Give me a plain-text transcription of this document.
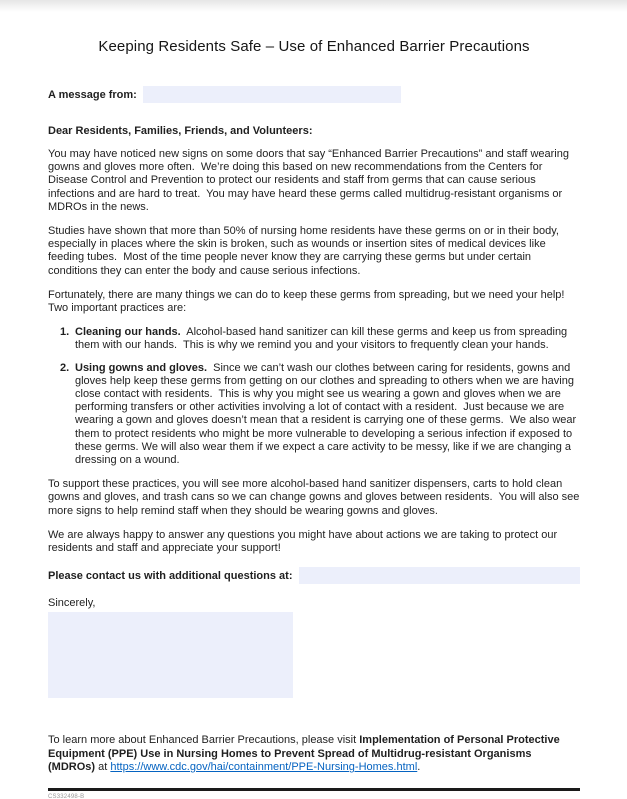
Keeping Residents Safe – Use of Enhanced Barrier Precautions
A message from:
Dear Residents, Families, Friends, and Volunteers:

You may have noticed new signs on some doors that say “Enhanced Barrier Precautions” and staff wearing gowns and gloves more often.  We’re doing this based on new recommendations from the Centers for Disease Control and Prevention to protect our residents and staff from germs that can cause serious infections and are hard to treat.  You may have heard these germs called multidrug-resistant organisms or MDROs in the news.

Studies have shown that more than 50% of nursing home residents have these germs on or in their body, especially in places where the skin is broken, such as wounds or insertion sites of medical devices like feeding tubes.  Most of the time people never know they are carrying these germs but under certain conditions they can enter the body and cause serious infections.

Fortunately, there are many things we can do to keep these germs from spreading, but we need your help! Two important practices are:

1. Cleaning our hands.  Alcohol-based hand sanitizer can kill these germs and keep us from spreading them with our hands.  This is why we remind you and your visitors to frequently clean your hands.
2. Using gowns and gloves.  Since we can’t wash our clothes between caring for residents, gowns and gloves help keep these germs from getting on our clothes and spreading to others when we are having close contact with residents.  This is why you might see us wearing a gown and gloves when we are performing transfers or other activities involving a lot of contact with a resident.  Just because we are wearing a gown and gloves doesn’t mean that a resident is carrying one of these germs.  We also wear them to protect residents who might be more vulnerable to developing a serious infection if exposed to these germs. We will also wear them if we expect a care activity to be messy, like if we are changing a dressing on a wound.

To support these practices, you will see more alcohol-based hand sanitizer dispensers, carts to hold clean gowns and gloves, and trash cans so we can change gowns and gloves between residents.  You will also see more signs to help remind staff when they should be wearing gowns and gloves.

We are always happy to answer any questions you might have about actions we are taking to protect our residents and staff and appreciate your support!

Please contact us with additional questions at:
Sincerely,

To learn more about Enhanced Barrier Precautions, please visit Implementation of Personal Protective Equipment (PPE) Use in Nursing Homes to Prevent Spread of Multidrug-resistant Organisms (MDROs) at https://www.cdc.gov/hai/containment/PPE-Nursing-Homes.html.

CS332498-B
